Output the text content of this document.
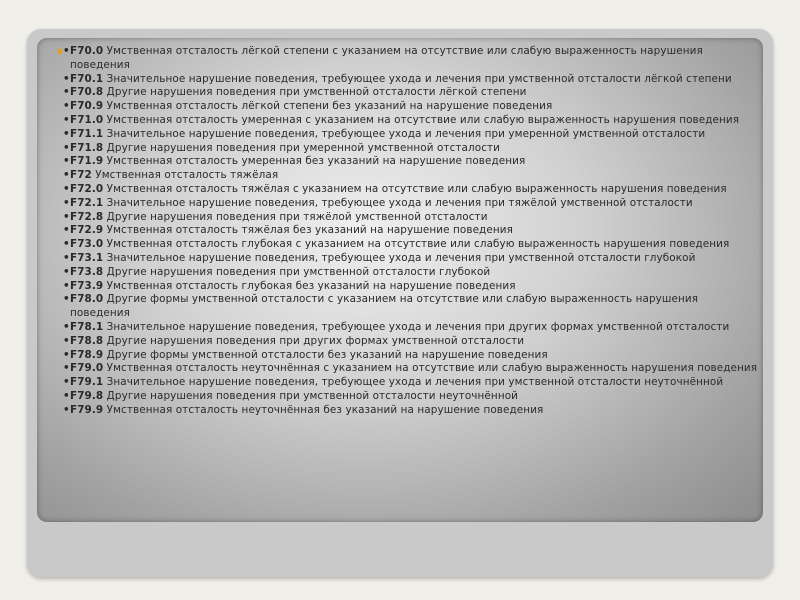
▪ • F70.0 Умственная отсталость лёгкой степени с указанием на отсутствие или слабую выраженность нарушения поведения
• F70.1 Значительное нарушение поведения, требующее ухода и лечения при умственной отсталости лёгкой степени
• F70.8 Другие нарушения поведения при умственной отсталости лёгкой степени
• F70.9 Умственная отсталость лёгкой степени без указаний на нарушение поведения
• F71.0 Умственная отсталость умеренная с указанием на отсутствие или слабую выраженность нарушения поведения
• F71.1 Значительное нарушение поведения, требующее ухода и лечения при умеренной умственной отсталости
• F71.8 Другие нарушения поведения при умеренной умственной отсталости
• F71.9 Умственная отсталость умеренная без указаний на нарушение поведения
• F72 Умственная отсталость тяжёлая
• F72.0 Умственная отсталость тяжёлая с указанием на отсутствие или слабую выраженность нарушения поведения
• F72.1 Значительное нарушение поведения, требующее ухода и лечения при тяжёлой умственной отсталости
• F72.8 Другие нарушения поведения при тяжёлой умственной отсталости
• F72.9 Умственная отсталость тяжёлая без указаний на нарушение поведения
• F73.0 Умственная отсталость глубокая с указанием на отсутствие или слабую выраженность нарушения поведения
• F73.1 Значительное нарушение поведения, требующее ухода и лечения при умственной отсталости глубокой
• F73.8 Другие нарушения поведения при умственной отсталости глубокой
• F73.9 Умственная отсталость глубокая без указаний на нарушение поведения
• F78.0 Другие формы умственной отсталости с указанием на отсутствие или слабую выраженность нарушения поведения
• F78.1 Значительное нарушение поведения, требующее ухода и лечения при других формах умственной отсталости
• F78.8 Другие нарушения поведения при других формах умственной отсталости
• F78.9 Другие формы умственной отсталости без указаний на нарушение поведения
• F79.0 Умственная отсталость неуточнённая с указанием на отсутствие или слабую выраженность нарушения поведения
• F79.1 Значительное нарушение поведения, требующее ухода и лечения при умственной отсталости неуточнённой
• F79.8 Другие нарушения поведения при умственной отсталости неуточнённой
• F79.9 Умственная отсталость неуточнённая без указаний на нарушение поведения
